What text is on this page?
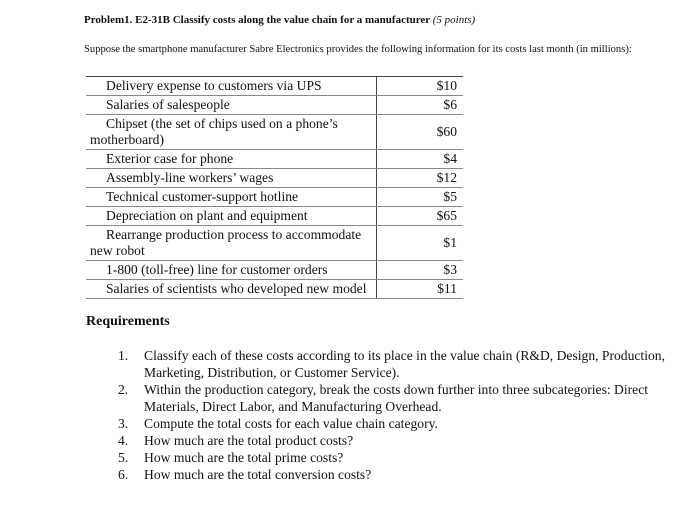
Problem1. E2-31B Classify costs along the value chain for a manufacturer (5 points)
Suppose the smartphone manufacturer Sabre Electronics provides the following information for its costs last month (in millions):
Delivery expense to customers via UPS	$10
Salaries of salespeople	$6
Chipset (the set of chips used on a phone’s motherboard)	$60
Exterior case for phone	$4
Assembly-line workers’ wages	$12
Technical customer-support hotline	$5
Depreciation on plant and equipment	$65
Rearrange production process to accommodate new robot	$1
1-800 (toll-free) line for customer orders	$3
Salaries of scientists who developed new model	$11
Requirements
1.	Classify each of these costs according to its place in the value chain (R&D, Design, Production, Marketing, Distribution, or Customer Service).
2.	Within the production category, break the costs down further into three subcategories: Direct Materials, Direct Labor, and Manufacturing Overhead.
3.	Compute the total costs for each value chain category.
4.	How much are the total product costs?
5.	How much are the total prime costs?
6.	How much are the total conversion costs?
